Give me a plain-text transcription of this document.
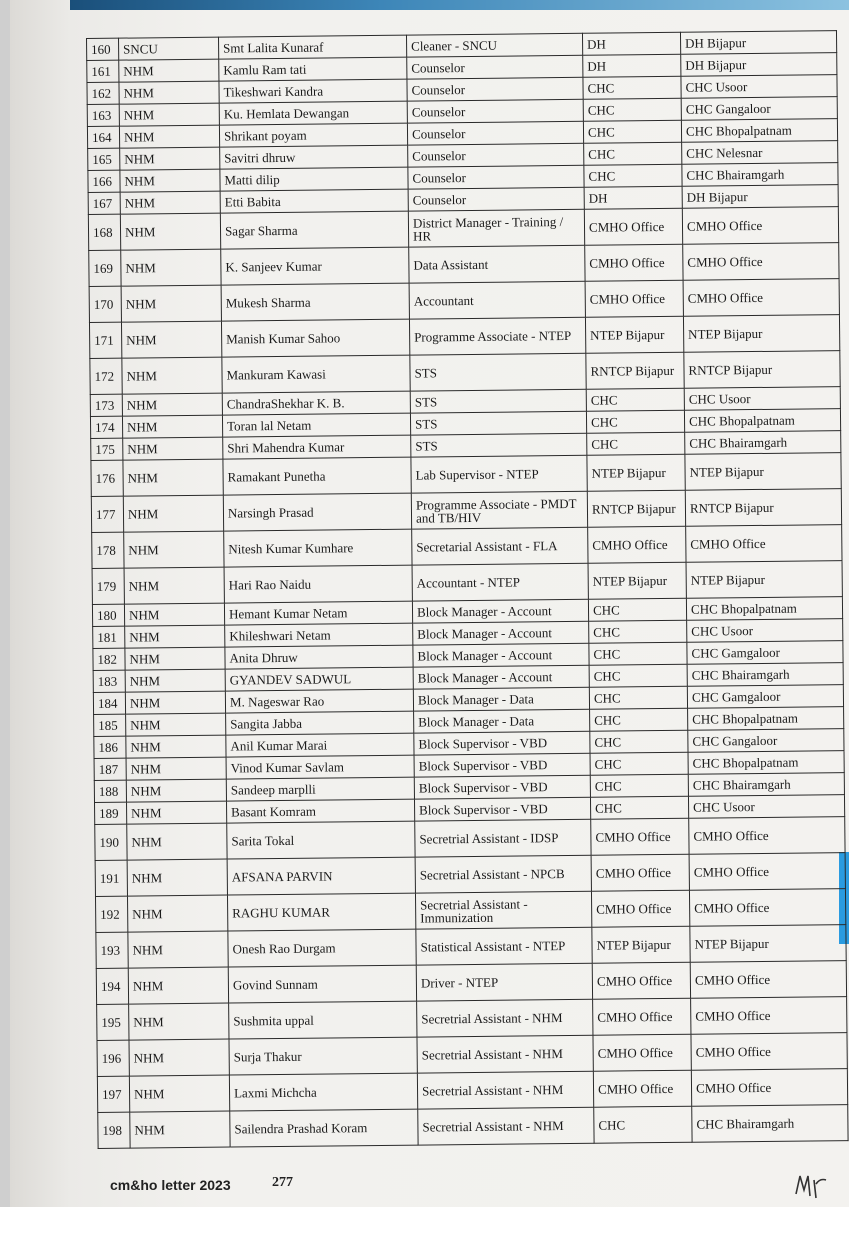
160	SNCU	Smt Lalita Kunaraf	Cleaner - SNCU	DH	DH Bijapur
161	NHM	Kamlu Ram tati	Counselor	DH	DH Bijapur
162	NHM	Tikeshwari Kandra	Counselor	CHC	CHC Usoor
163	NHM	Ku. Hemlata Dewangan	Counselor	CHC	CHC Gangaloor
164	NHM	Shrikant poyam	Counselor	CHC	CHC Bhopalpatnam
165	NHM	Savitri dhruw	Counselor	CHC	CHC Nelesnar
166	NHM	Matti dilip	Counselor	CHC	CHC Bhairamgarh
167	NHM	Etti Babita	Counselor	DH	DH Bijapur
168	NHM	Sagar Sharma	District Manager - Training / HR	CMHO Office	CMHO Office
169	NHM	K. Sanjeev Kumar	Data Assistant	CMHO Office	CMHO Office
170	NHM	Mukesh Sharma	Accountant	CMHO Office	CMHO Office
171	NHM	Manish Kumar Sahoo	Programme Associate - NTEP	NTEP Bijapur	NTEP Bijapur
172	NHM	Mankuram Kawasi	STS	RNTCP Bijapur	RNTCP Bijapur
173	NHM	ChandraShekhar K. B.	STS	CHC	CHC Usoor
174	NHM	Toran lal Netam	STS	CHC	CHC Bhopalpatnam
175	NHM	Shri Mahendra Kumar	STS	CHC	CHC Bhairamgarh
176	NHM	Ramakant Punetha	Lab Supervisor - NTEP	NTEP Bijapur	NTEP Bijapur
177	NHM	Narsingh Prasad	Programme Associate - PMDT and TB/HIV	RNTCP Bijapur	RNTCP Bijapur
178	NHM	Nitesh Kumar Kumhare	Secretarial Assistant - FLA	CMHO Office	CMHO Office
179	NHM	Hari Rao Naidu	Accountant - NTEP	NTEP Bijapur	NTEP Bijapur
180	NHM	Hemant Kumar Netam	Block Manager - Account	CHC	CHC Bhopalpatnam
181	NHM	Khileshwari Netam	Block Manager - Account	CHC	CHC Usoor
182	NHM	Anita Dhruw	Block Manager - Account	CHC	CHC Gamgaloor
183	NHM	GYANDEV SADWUL	Block Manager - Account	CHC	CHC Bhairamgarh
184	NHM	M. Nageswar Rao	Block Manager - Data	CHC	CHC Gamgaloor
185	NHM	Sangita Jabba	Block Manager - Data	CHC	CHC Bhopalpatnam
186	NHM	Anil Kumar Marai	Block Supervisor - VBD	CHC	CHC Gangaloor
187	NHM	Vinod Kumar Savlam	Block Supervisor - VBD	CHC	CHC Bhopalpatnam
188	NHM	Sandeep marplli	Block Supervisor - VBD	CHC	CHC Bhairamgarh
189	NHM	Basant Komram	Block Supervisor - VBD	CHC	CHC Usoor
190	NHM	Sarita Tokal	Secretrial Assistant - IDSP	CMHO Office	CMHO Office
191	NHM	AFSANA PARVIN	Secretrial Assistant - NPCB	CMHO Office	CMHO Office
192	NHM	RAGHU KUMAR	Secretrial Assistant - Immunization	CMHO Office	CMHO Office
193	NHM	Onesh Rao Durgam	Statistical Assistant - NTEP	NTEP Bijapur	NTEP Bijapur
194	NHM	Govind Sunnam	Driver - NTEP	CMHO Office	CMHO Office
195	NHM	Sushmita uppal	Secretrial Assistant - NHM	CMHO Office	CMHO Office
196	NHM	Surja Thakur	Secretrial Assistant - NHM	CMHO Office	CMHO Office
197	NHM	Laxmi Michcha	Secretrial Assistant - NHM	CMHO Office	CMHO Office
198	NHM	Sailendra Prashad Koram	Secretrial Assistant - NHM	CHC	CHC Bhairamgarh
cm&ho letter 2023	277
